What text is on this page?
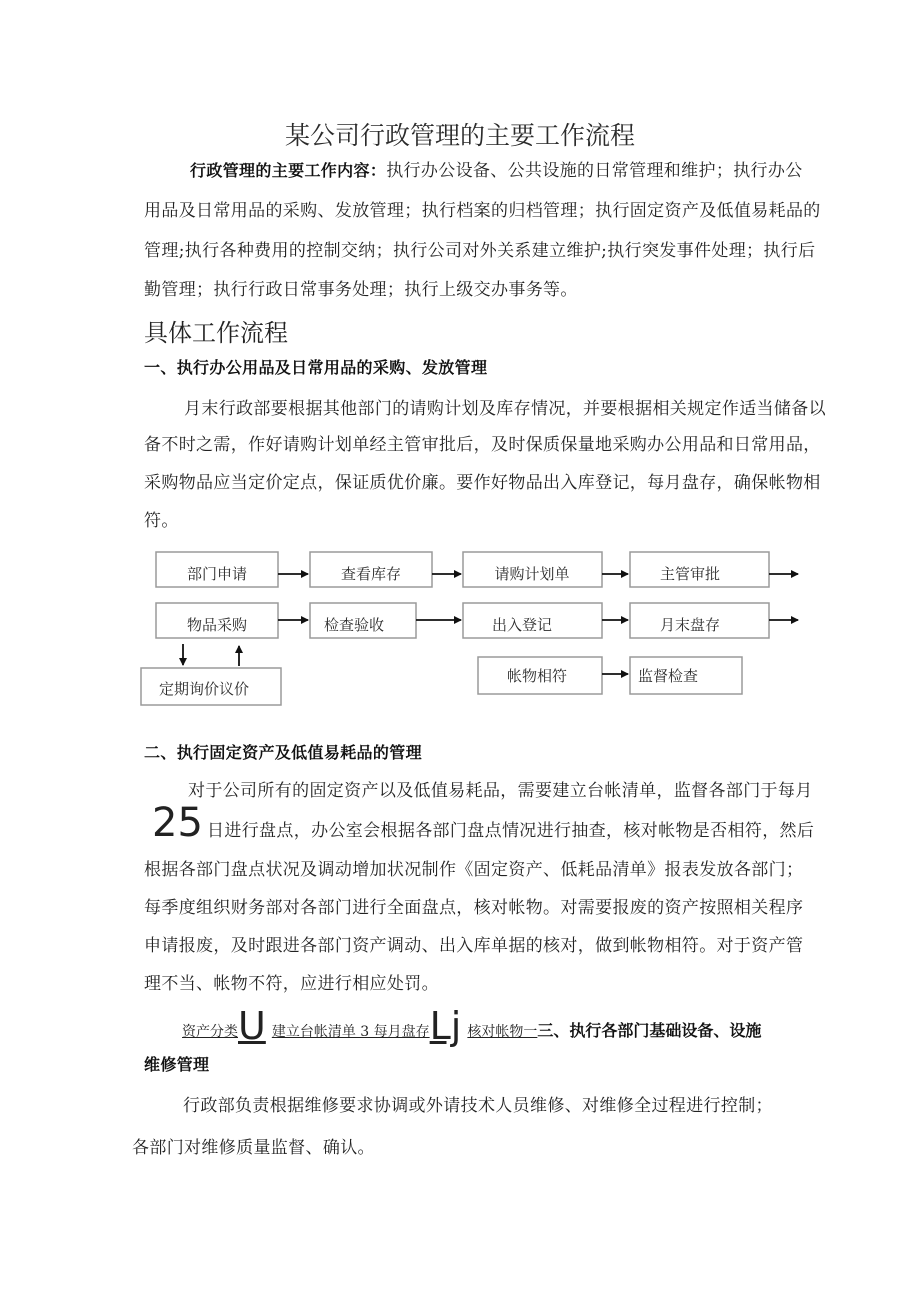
某公司行政管理的主要工作流程
行政管理的主要工作内容：执行办公设备、公共设施的日常管理和维护；执行办公
用品及日常用品的采购、发放管理；执行档案的归档管理；执行固定资产及低值易耗品的
管理;执行各种费用的控制交纳；执行公司对外关系建立维护;执行突发事件处理；执行后
勤管理；执行行政日常事务处理；执行上级交办事务等。
具体工作流程
一、执行办公用品及日常用品的采购、发放管理
月末行政部要根据其他部门的请购计划及库存情况，并要根据相关规定作适当储备以
备不时之需，作好请购计划单经主管审批后，及时保质保量地采购办公用品和日常用品，
采购物品应当定价定点，保证质优价廉。要作好物品出入库登记，每月盘存，确保帐物相
符。
部门申请	查看库存	请购计划单	主管审批
物品采购	检查验收	出入登记	月末盘存
定期询价议价
帐物相符	监督检查
二、执行固定资产及低值易耗品的管理
对于公司所有的固定资产以及低值易耗品，需要建立台帐清单，监督各部门于每月
25 日进行盘点，办公室会根据各部门盘点情况进行抽查，核对帐物是否相符，然后
根据各部门盘点状况及调动增加状况制作《固定资产、低耗品清单》报表发放各部门；
每季度组织财务部对各部门进行全面盘点，核对帐物。对需要报废的资产按照相关程序
申请报废，及时跟进各部门资产调动、出入库单据的核对，做到帐物相符。对于资产管
理不当、帐物不符，应进行相应处罚。
资产分类U 建立台帐清单 3 每月盘存Lj 核对帐物一三、执行各部门基础设备、设施
维修管理
行政部负责根据维修要求协调或外请技术人员维修、对维修全过程进行控制；
各部门对维修质量监督、确认。
